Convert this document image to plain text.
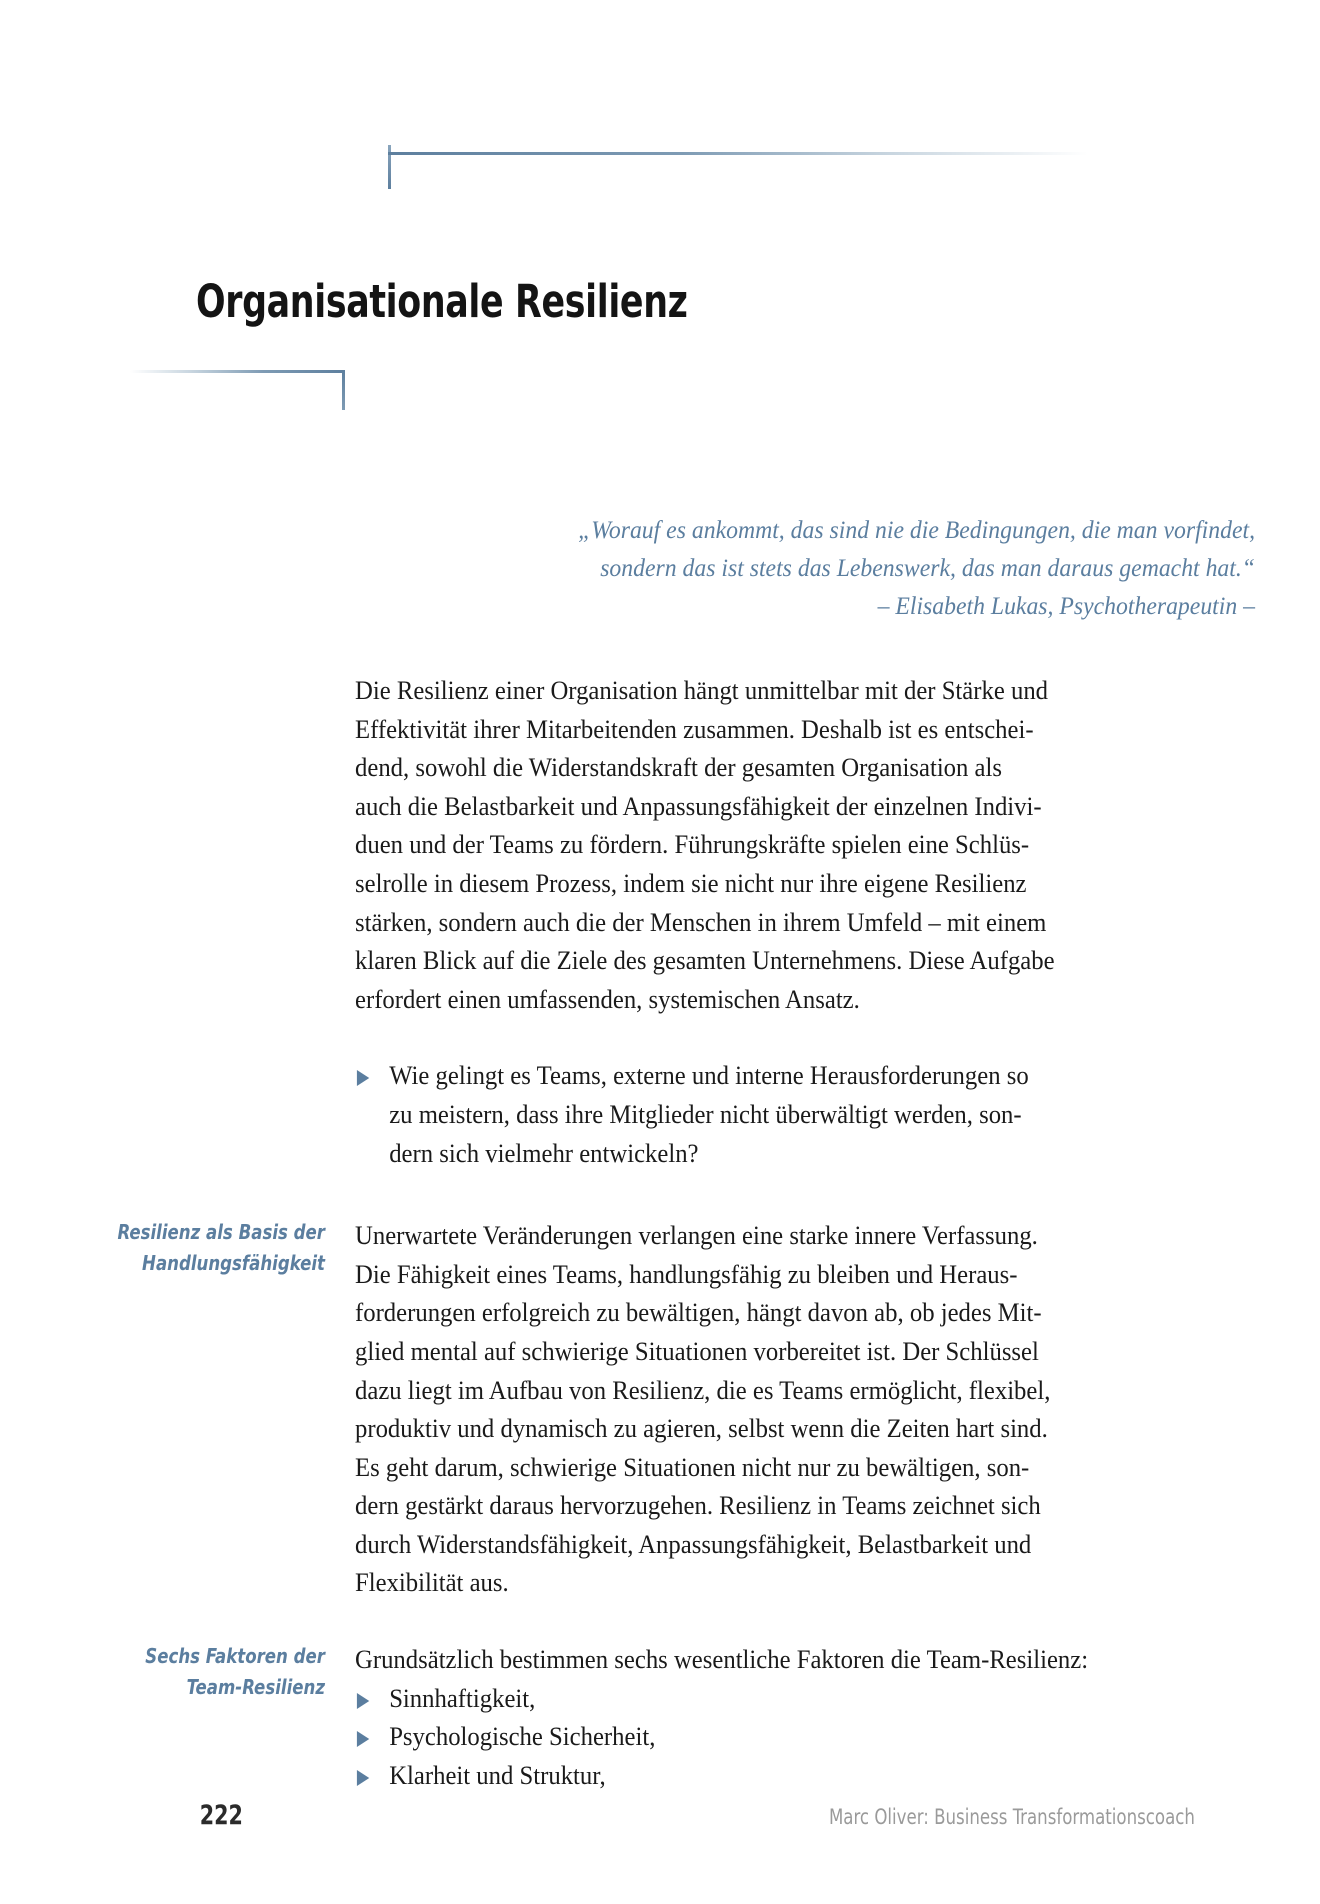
Organisationale Resilienz
„Worauf es ankommt, das sind nie die Bedingungen, die man vorfindet,
sondern das ist stets das Lebenswerk, das man daraus gemacht hat.“
– Elisabeth Lukas, Psychotherapeutin –

Die Resilienz einer Organisation hängt unmittelbar mit der Stärke und
Effektivität ihrer Mitarbeitenden zusammen. Deshalb ist es entschei-
dend, sowohl die Widerstandskraft der gesamten Organisation als
auch die Belastbarkeit und Anpassungsfähigkeit der einzelnen Indivi-
duen und der Teams zu fördern. Führungskräfte spielen eine Schlüs-
selrolle in diesem Prozess, indem sie nicht nur ihre eigene Resilienz
stärken, sondern auch die der Menschen in ihrem Umfeld – mit einem
klaren Blick auf die Ziele des gesamten Unternehmens. Diese Aufgabe
erfordert einen umfassenden, systemischen Ansatz.

Wie gelingt es Teams, externe und interne Herausforderungen so
zu meistern, dass ihre Mitglieder nicht überwältigt werden, son-
dern sich vielmehr entwickeln?
Resilienz als Basis der
Handlungsfähigkeit

Unerwartete Veränderungen verlangen eine starke innere Verfassung.
Die Fähigkeit eines Teams, handlungsfähig zu bleiben und Heraus-
forderungen erfolgreich zu bewältigen, hängt davon ab, ob jedes Mit-
glied mental auf schwierige Situationen vorbereitet ist. Der Schlüssel
dazu liegt im Aufbau von Resilienz, die es Teams ermöglicht, flexibel,
produktiv und dynamisch zu agieren, selbst wenn die Zeiten hart sind.
Es geht darum, schwierige Situationen nicht nur zu bewältigen, son-
dern gestärkt daraus hervorzugehen. Resilienz in Teams zeichnet sich
durch Widerstandsfähigkeit, Anpassungsfähigkeit, Belastbarkeit und
Flexibilität aus.

Sechs Faktoren der
Team-Resilienz

Grundsätzlich bestimmen sechs wesentliche Faktoren die Team-Resilienz:

Sinnhaftigkeit,
Psychologische Sicherheit,
Klarheit und Struktur,
222	Marc Oliver: Business Transformationscoach
